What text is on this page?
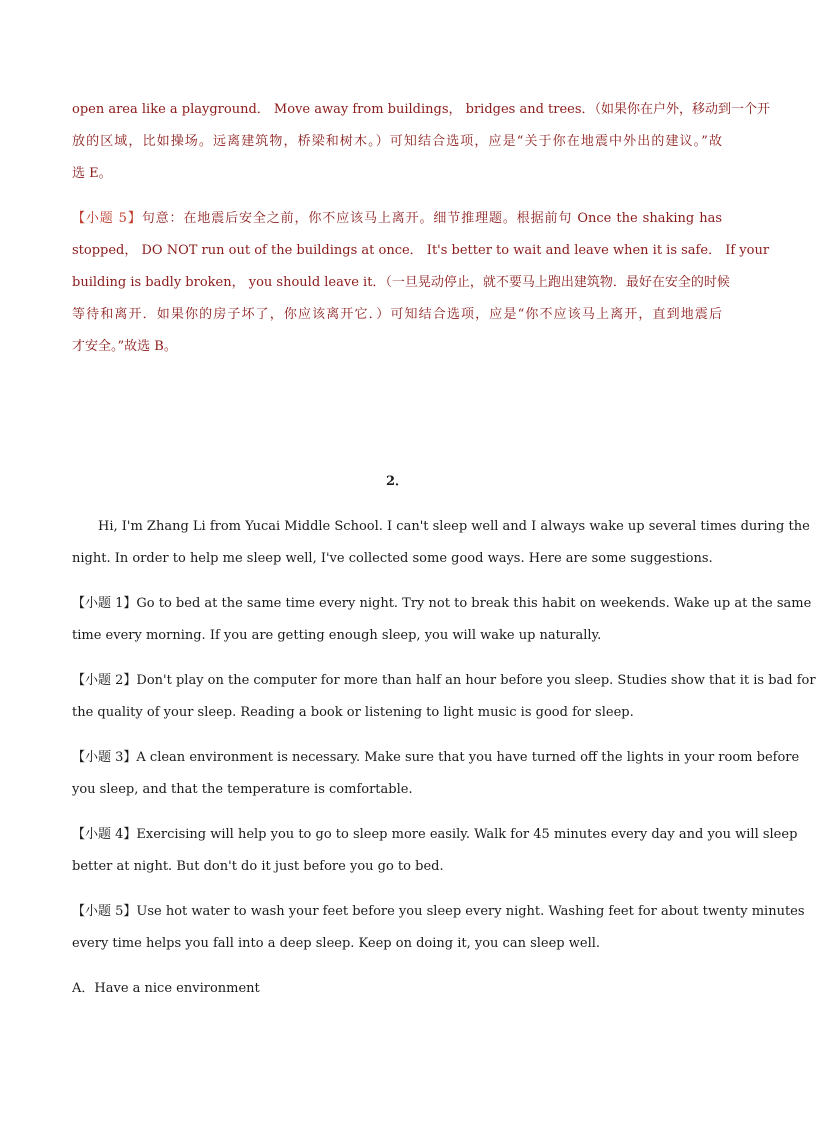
open area like a playground． Move away from buildings， bridges and trees．（如果你在户外，移动到一个开
放的区域，比如操场。远离建筑物，桥梁和树木。）可知结合选项，应是“关于你在地震中外出的建议。”故
选 E。
【小题 5】句意：在地震后安全之前，你不应该马上离开。细节推理题。根据前句 Once the shaking has
stopped， DO NOT run out of the buildings at once． It's better to wait and leave when it is safe． If your
building is badly broken， you should leave it．（一旦晃动停止，就不要马上跑出建筑物．最好在安全的时候
等待和离开．如果你的房子坏了，你应该离开它．）可知结合选项，应是“你不应该马上离开，直到地震后
才安全。”故选 B。
2．
Hi, I'm Zhang Li from Yucai Middle School. I can't sleep well and I always wake up several times during the
night. In order to help me sleep well, I've collected some good ways. Here are some suggestions.
【小题 1】Go to bed at the same time every night. Try not to break this habit on weekends. Wake up at the same
time every morning. If you are getting enough sleep, you will wake up naturally.
【小题 2】Don't play on the computer for more than half an hour before you sleep. Studies show that it is bad for
the quality of your sleep. Reading a book or listening to light music is good for sleep.
【小题 3】A clean environment is necessary. Make sure that you have turned off the lights in your room before
you sleep, and that the temperature is comfortable.
【小题 4】Exercising will help you to go to sleep more easily. Walk for 45 minutes every day and you will sleep
better at night. But don't do it just before you go to bed.
【小题 5】Use hot water to wash your feet before you sleep every night. Washing feet for about twenty minutes
every time helps you fall into a deep sleep. Keep on doing it, you can sleep well.
A．Have a nice environment
